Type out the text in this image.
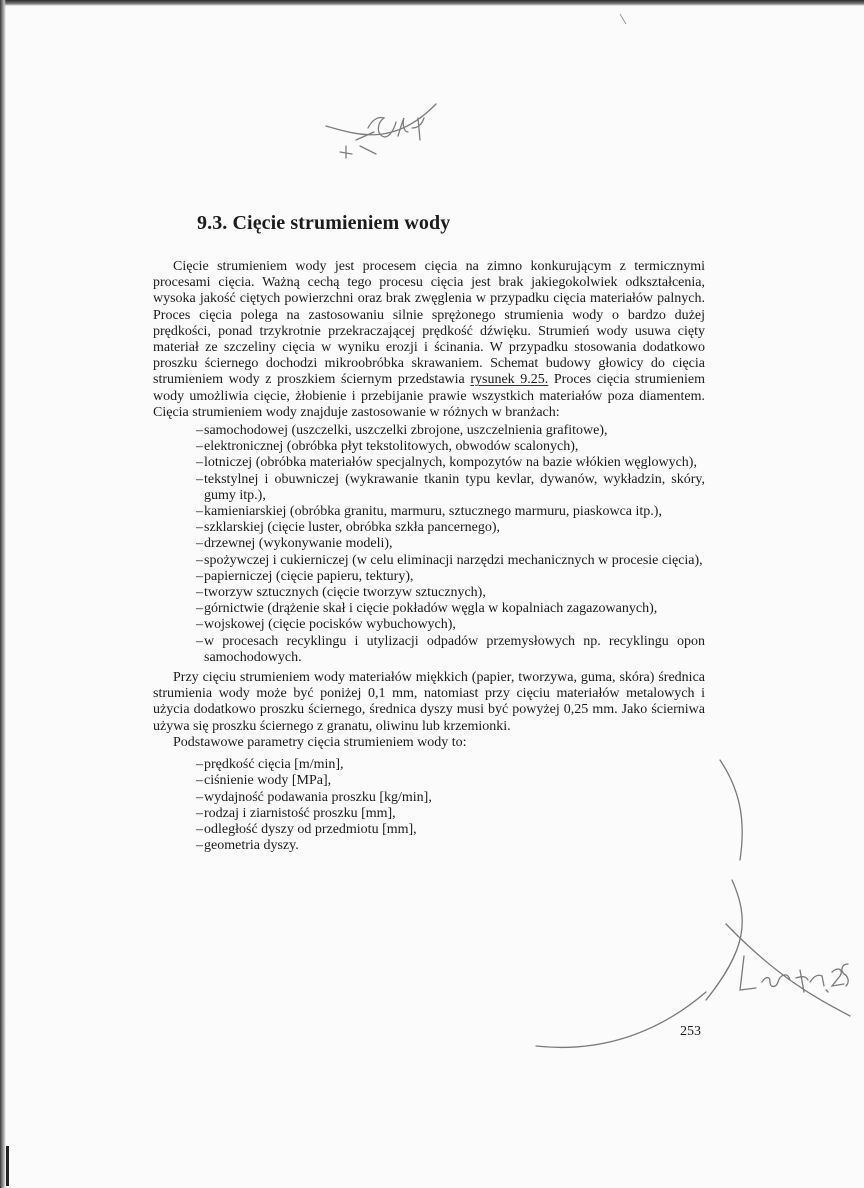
9.3. Cięcie strumieniem wody

Cięcie strumieniem wody jest procesem cięcia na zimno konkurującym z termicznymi procesami cięcia. Ważną cechą tego procesu cięcia jest brak jakiegokolwiek odkształcenia, wysoka jakość ciętych powierzchni oraz brak zwęglenia w przypadku cięcia materiałów palnych. Proces cięcia polega na zastosowaniu silnie sprężonego strumienia wody o bardzo dużej prędkości, ponad trzykrotnie przekraczającej prędkość dźwięku. Strumień wody usuwa cięty materiał ze szczeliny cięcia w wyniku erozji i ścinania. W przypadku stosowania dodatkowo proszku ściernego dochodzi mikroobróbka skrawaniem. Schemat budowy głowicy do cięcia strumieniem wody z proszkiem ściernym przedstawia rysunek 9.25. Proces cięcia strumieniem wody umożliwia cięcie, żłobienie i przebijanie prawie wszystkich materiałów poza diamentem. Cięcia strumieniem wody znajduje zastosowanie w różnych w branżach:

– samochodowej (uszczelki, uszczelki zbrojone, uszczelnienia grafitowe),
– elektronicznej (obróbka płyt tekstolitowych, obwodów scalonych),
– lotniczej (obróbka materiałów specjalnych, kompozytów na bazie włókien węglowych),
– tekstylnej i obuwniczej (wykrawanie tkanin typu kevlar, dywanów, wykładzin, skóry, gumy itp.),
– kamieniarskiej (obróbka granitu, marmuru, sztucznego marmuru, piaskowca itp.),
– szklarskiej (cięcie luster, obróbka szkła pancernego),
– drzewnej (wykonywanie modeli),
– spożywczej i cukierniczej (w celu eliminacji narzędzi mechanicznych w procesie cięcia),
– papierniczej (cięcie papieru, tektury),
– tworzyw sztucznych (cięcie tworzyw sztucznych),
– górnictwie (drążenie skał i cięcie pokładów węgla w kopalniach zagazowanych),
– wojskowej (cięcie pocisków wybuchowych),
– w procesach recyklingu i utylizacji odpadów przemysłowych np. recyklingu opon samochodowych.

Przy cięciu strumieniem wody materiałów miękkich (papier, tworzywa, guma, skóra) średnica strumienia wody może być poniżej 0,1 mm, natomiast przy cięciu materiałów metalowych i użycia dodatkowo proszku ściernego, średnica dyszy musi być powyżej 0,25 mm. Jako ścierniwa używa się proszku ściernego z granatu, oliwinu lub krzemionki.

Podstawowe parametry cięcia strumieniem wody to:

– prędkość cięcia [m/min],
– ciśnienie wody [MPa],
– wydajność podawania proszku [kg/min],
– rodzaj i ziarnistość proszku [mm],
– odległość dyszy od przedmiotu [mm],
– geometria dyszy.
253
